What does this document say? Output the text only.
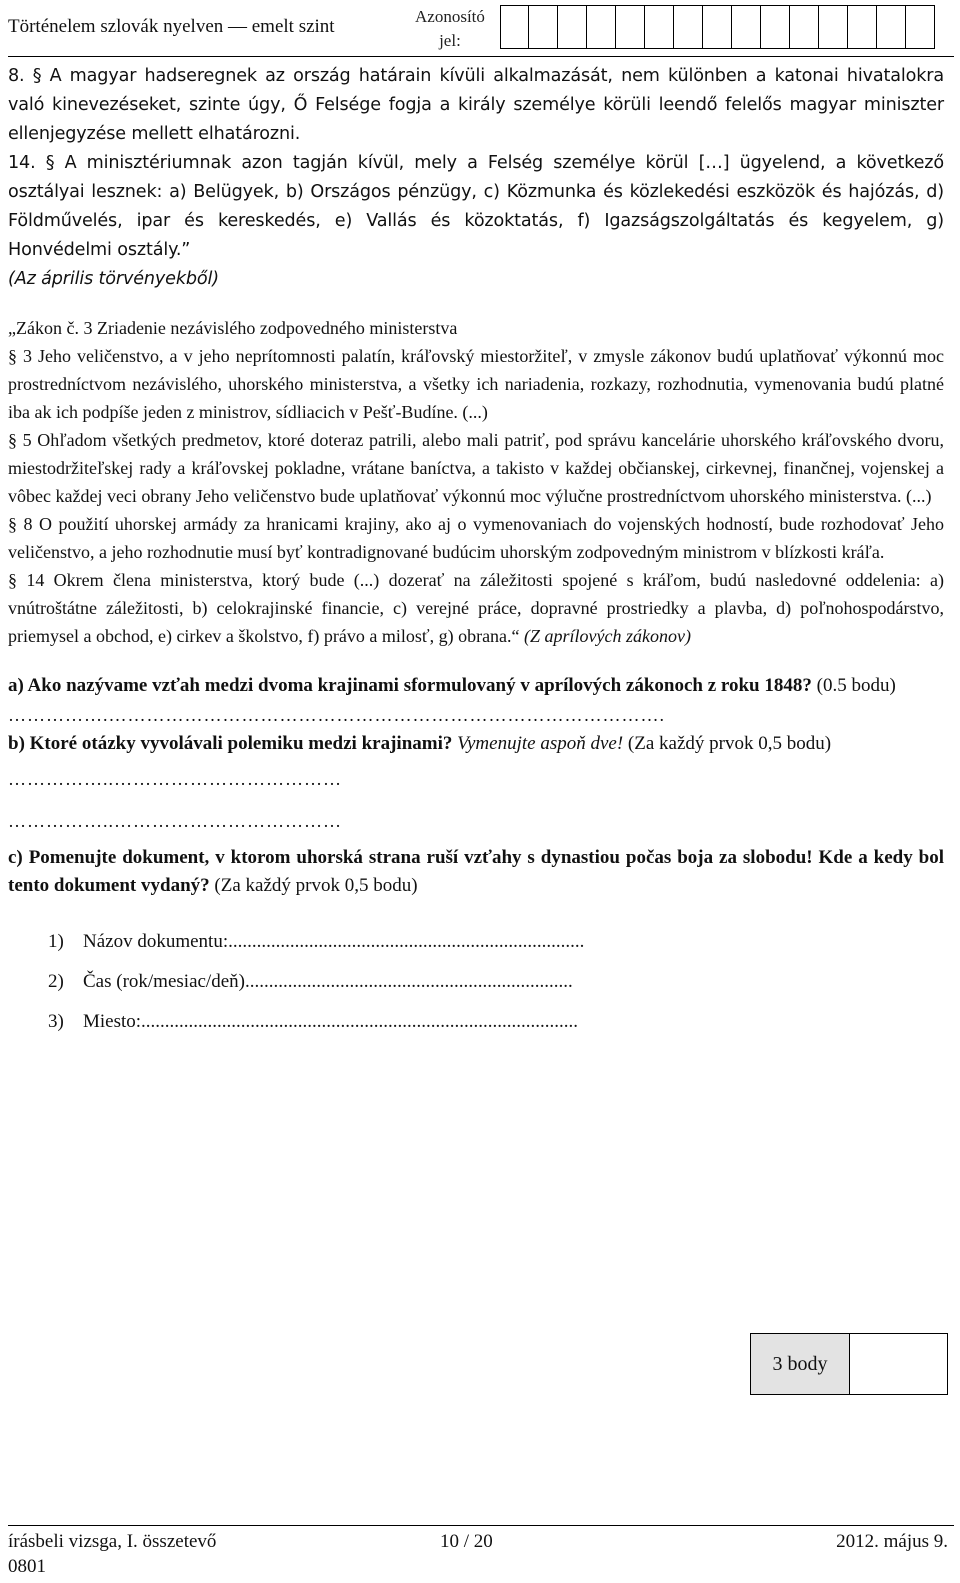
Történelem szlovák nyelven — emelt szint	Azonosító
jel:

8. § A magyar hadseregnek az ország határain kívüli alkalmazását, nem különben a katonai hivatalokra való kinevezéseket, szinte úgy, Ő Felsége fogja a király személye körüli leendő felelős magyar miniszter ellenjegyzése mellett elhatározni.

14. § A minisztériumnak azon tagján kívül, mely a Felség személye körül […] ügyelend, a következő osztályai lesznek: a) Belügyek, b) Országos pénzügy, c) Közmunka és közlekedési eszközök és hajózás, d) Földművelés, ipar és kereskedés, e) Vallás és közoktatás, f) Igazságszolgáltatás és kegyelem, g) Honvédelmi osztály.”
(Az április törvényekből)

„Zákon č. 3 Zriadenie nezávislého zodpovedného ministerstva

§ 3 Jeho veličenstvo, a v jeho neprítomnosti palatín, kráľovský miestoržiteľ, v zmysle zákonov budú uplatňovať výkonnú moc prostredníctvom nezávislého, uhorského ministerstva, a všetky ich nariadenia, rozkazy, rozhodnutia, vymenovania budú platné iba ak ich podpíše jeden z ministrov, sídliacich v Pešť-Budíne. (...)

§ 5 Ohľadom všetkých predmetov, ktoré doteraz patrili, alebo mali patriť, pod správu kancelárie uhorského kráľovského dvoru, miestodržiteľskej rady a kráľovskej pokladne, vrátane baníctva, a takisto v každej občianskej, cirkevnej, finančnej, vojenskej a vôbec každej veci obrany Jeho veličenstvo bude uplatňovať výkonnú moc výlučne prostredníctvom uhorského ministerstva. (...)

§ 8 O použití uhorskej armády za hranicami krajiny, ako aj o vymenovaniach do vojenských hodností, bude rozhodovať Jeho veličenstvo, a jeho rozhodnutie musí byť kontradignované budúcim uhorským zodpovedným ministrom v blízkosti kráľa.

§ 14 Okrem člena ministerstva, ktorý bude (...) dozerať na záležitosti spojené s kráľom, budú nasledovné oddelenia: a) vnútroštátne záležitosti, b) celokrajinské financie, c) verejné práce, dopravné prostriedky a plavba, d) poľnohospodárstvo, priemysel a obchod, e) cirkev a školstvo, f) právo a milosť, g) obrana.“ (Z aprílových zákonov)

a) Ako nazývame vzťah medzi dvoma krajinami sformulovaný v aprílových zákonoch z roku 1848? (0.5 bodu)

…………….…………………………………………………………………………….

b) Ktoré otázky vyvolávali polemiku medzi krajinami? Vymenujte aspoň dve! (Za každý prvok 0,5 bodu)

……………..………………………………

……………..………………………………

c) Pomenujte dokument, v ktorom uhorská strana ruší vzťahy s dynastiou počas boja za slobodu! Kde a kedy bol tento dokument vydaný? (Za každý prvok 0,5 bodu)

1)	Názov dokumentu:...........................................................................
2)	Čas (rok/mesiac/deň).....................................................................
3)	Miesto:............................................................................................
3 body
írásbeli vizsga, I. összetevő	10 / 20	2012. május 9.
0801
